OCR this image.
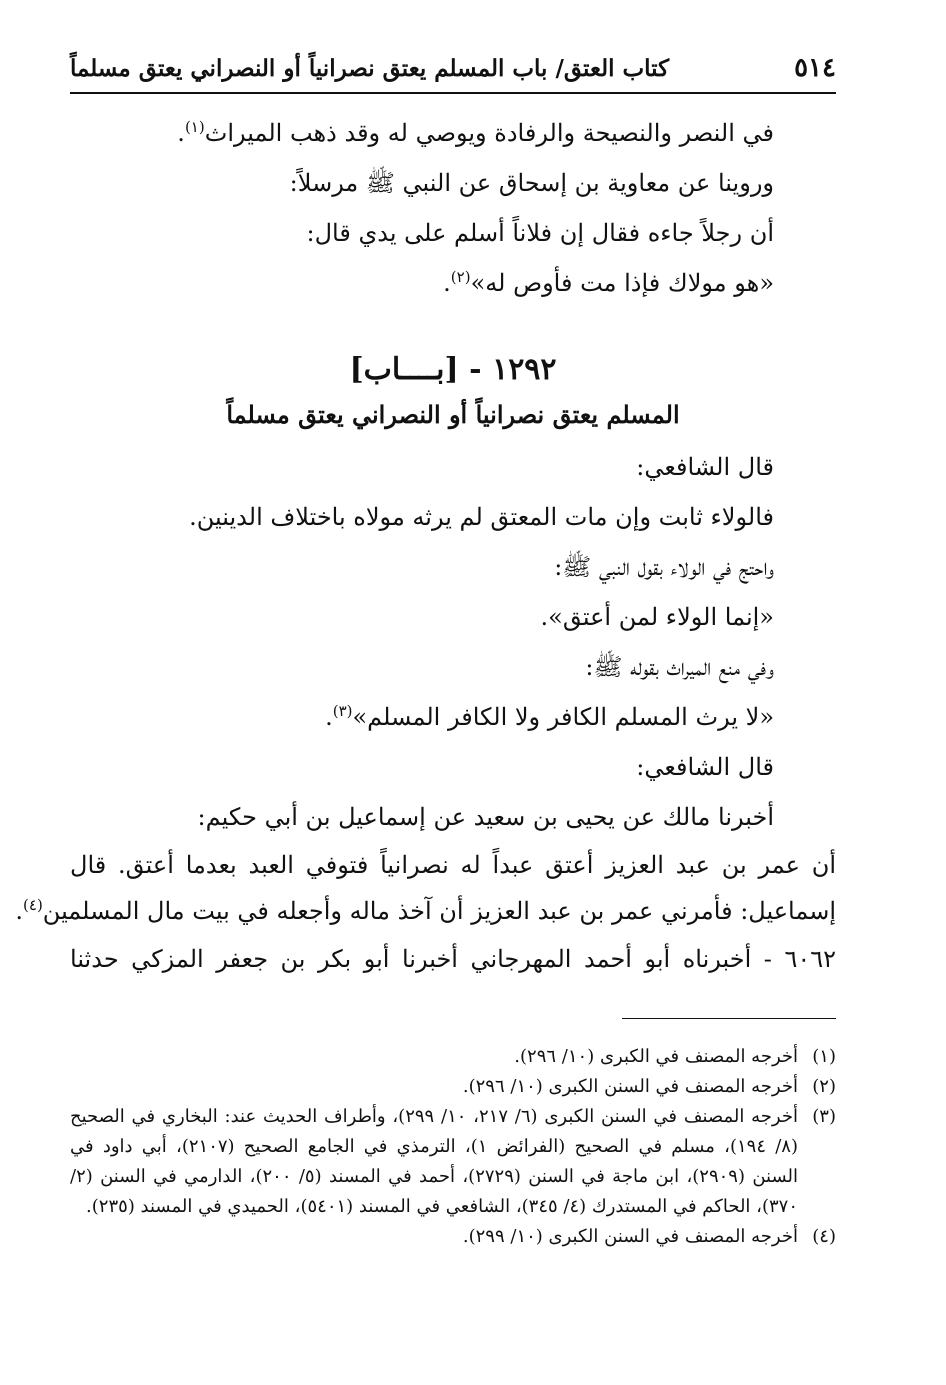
٥١٤
كتاب العتق/ باب المسلم يعتق نصرانياً أو النصراني يعتق مسلماً
في النصر والنصيحة والرفادة ويوصي له وقد ذهب الميراث$^{(١)}$.
وروينا عن معاوية بن إسحاق عن النبي ﷺ مرسلاً:
أن رجلاً جاءه فقال إن فلاناً أسلم على يدي قال:
«هو مولاك فإذا مت فأوص له»$^{(٢)}$.
١٢٩٢ - [بــــاب]
المسلم يعتق نصرانياً أو النصراني يعتق مسلماً
قال الشافعي:
فالولاء ثابت وإن مات المعتق لم يرثه مولاه باختلاف الدينين.
واحتج في الولاء بقول النبي ﷺ:
«إنما الولاء لمن أعتق».
وفي منع الميراث بقوله ﷺ:
«لا يرث المسلم الكافر ولا الكافر المسلم»$^{(٣)}$.
قال الشافعي:
أخبرنا مالك عن يحيى بن سعيد عن إسماعيل بن أبي حكيم:
أن عمر بن عبد العزيز أعتق عبداً له نصرانياً فتوفي العبد بعدما أعتق. قال
إسماعيل: فأمرني عمر بن عبد العزيز أن آخذ ماله وأجعله في بيت مال المسلمين$^{(٤)}$.
٦٠٦٢ - أخبرناه أبو أحمد المهرجاني أخبرنا أبو بكر بن جعفر المزكي حدثنا
(١)
أخرجه المصنف في الكبرى (١٠/ ٢٩٦).
(٢)
أخرجه المصنف في السنن الكبرى (١٠/ ٢٩٦).
(٣)
أخرجه المصنف في السنن الكبرى (٦/ ٢١٧، ١٠/ ٢٩٩)، وأطراف الحديث عند: البخاري في الصحيح (٨/ ١٩٤)، مسلم في الصحيح (الفرائض ١)، الترمذي في الجامع الصحيح (٢١٠٧)، أبي داود في السنن (٢٩٠٩)، ابن ماجة في السنن (٢٧٢٩)، أحمد في المسند (٥/ ٢٠٠)، الدارمي في السنن (٢/ ٣٧٠)، الحاكم في المستدرك (٤/ ٣٤٥)، الشافعي في المسند (٥٤٠١)، الحميدي في المسند (٢٣٥).
(٤)
أخرجه المصنف في السنن الكبرى (١٠/ ٢٩٩).
